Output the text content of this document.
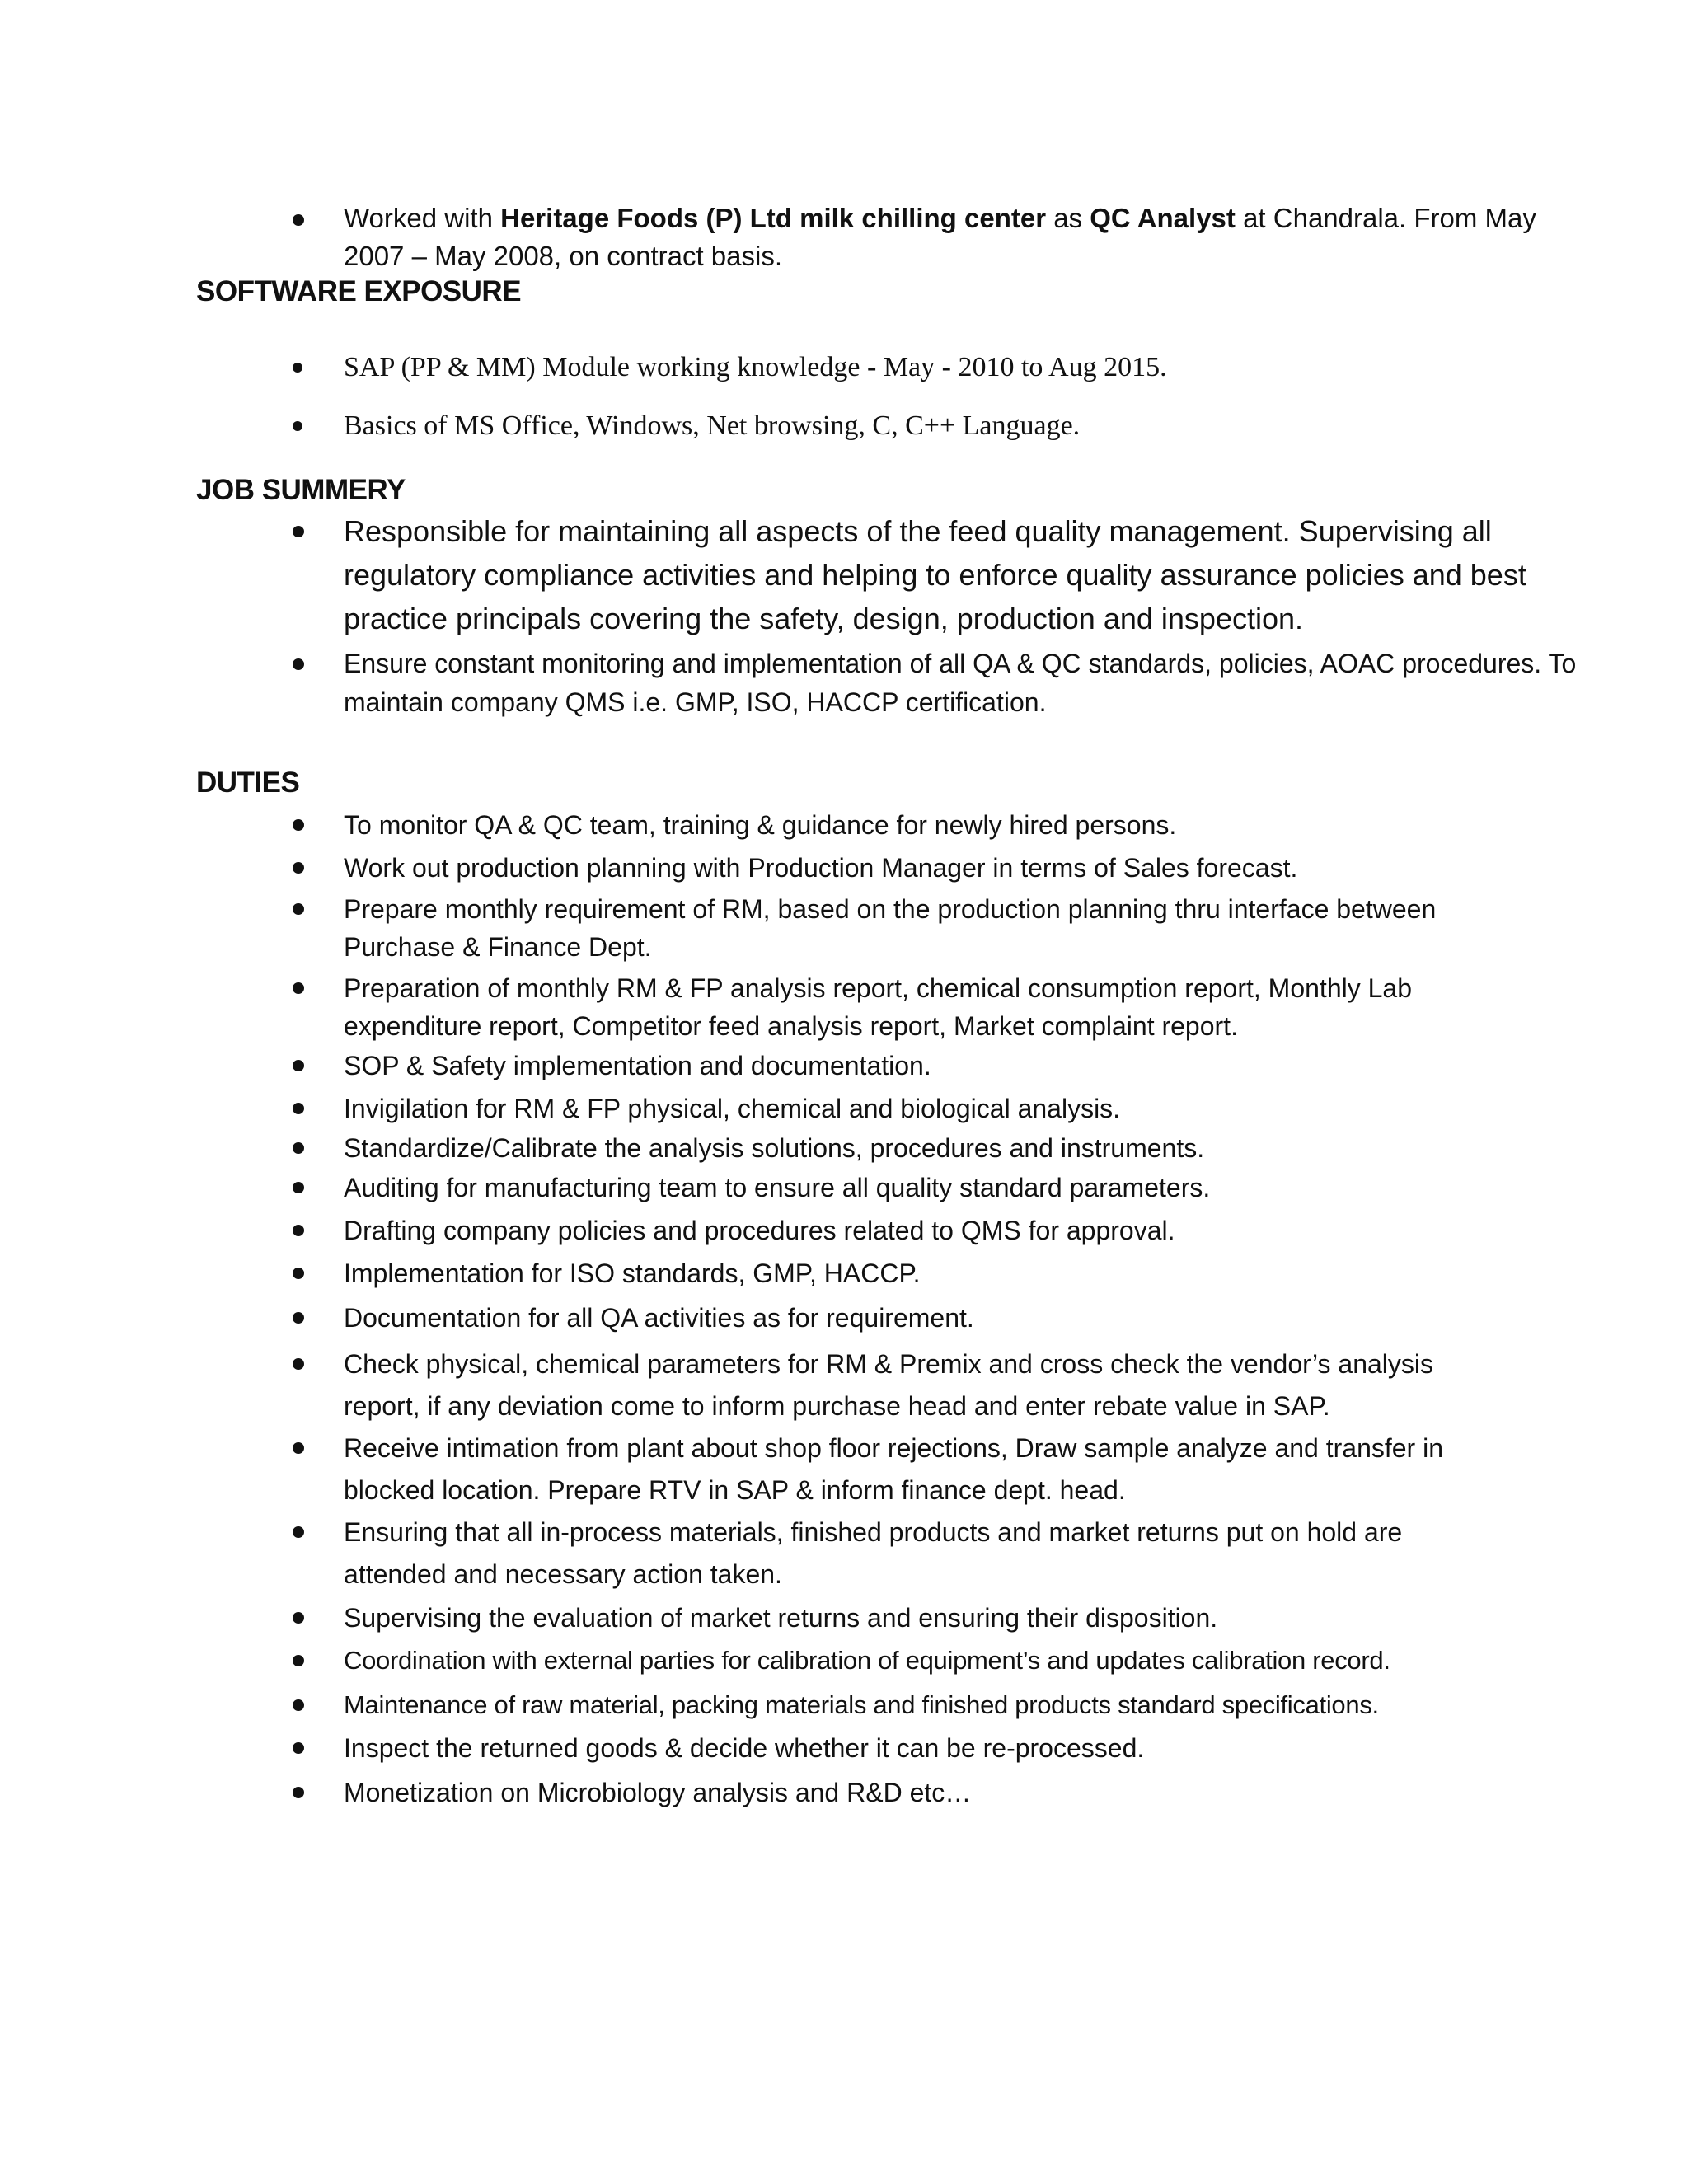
Worked with Heritage Foods (P) Ltd milk chilling center as QC Analyst at Chandrala. From May 2007 – May 2008, on contract basis.
SOFTWARE EXPOSURE
SAP (PP & MM) Module working knowledge - May - 2010 to Aug 2015.
Basics of MS Office, Windows, Net browsing, C, C++ Language.
JOB SUMMERY
Responsible for maintaining all aspects of the feed quality management. Supervising all regulatory compliance activities and helping to enforce quality assurance policies and best practice principals covering the safety, design, production and inspection.
Ensure constant monitoring and implementation of all QA & QC standards, policies, AOAC procedures. To maintain company QMS i.e. GMP, ISO, HACCP certification.
DUTIES
To monitor QA & QC team, training & guidance for newly hired persons.
Work out production planning with Production Manager in terms of Sales forecast.
Prepare monthly requirement of RM, based on the production planning thru interface between Purchase & Finance Dept.
Preparation of monthly RM & FP analysis report, chemical consumption report, Monthly Lab expenditure report, Competitor feed analysis report, Market complaint report.
SOP & Safety implementation and documentation.
Invigilation for RM & FP physical, chemical and biological analysis.
Standardize/Calibrate the analysis solutions, procedures and instruments.
Auditing for manufacturing team to ensure all quality standard parameters.
Drafting company policies and procedures related to QMS for approval.
Implementation for ISO standards, GMP, HACCP.
Documentation for all QA activities as for requirement.
Check physical, chemical parameters for RM & Premix and cross check the vendor’s analysis report, if any deviation come to inform purchase head and enter rebate value in SAP.
Receive intimation from plant about shop floor rejections, Draw sample analyze and transfer in blocked location. Prepare RTV in SAP & inform finance dept. head.
Ensuring that all in-process materials, finished products and market returns put on hold are attended and necessary action taken.
Supervising the evaluation of market returns and ensuring their disposition.
Coordination with external parties for calibration of equipment’s and updates calibration record.
Maintenance of raw material, packing materials and finished products standard specifications.
Inspect the returned goods & decide whether it can be re-processed.
Monetization on Microbiology analysis and R&D etc…
